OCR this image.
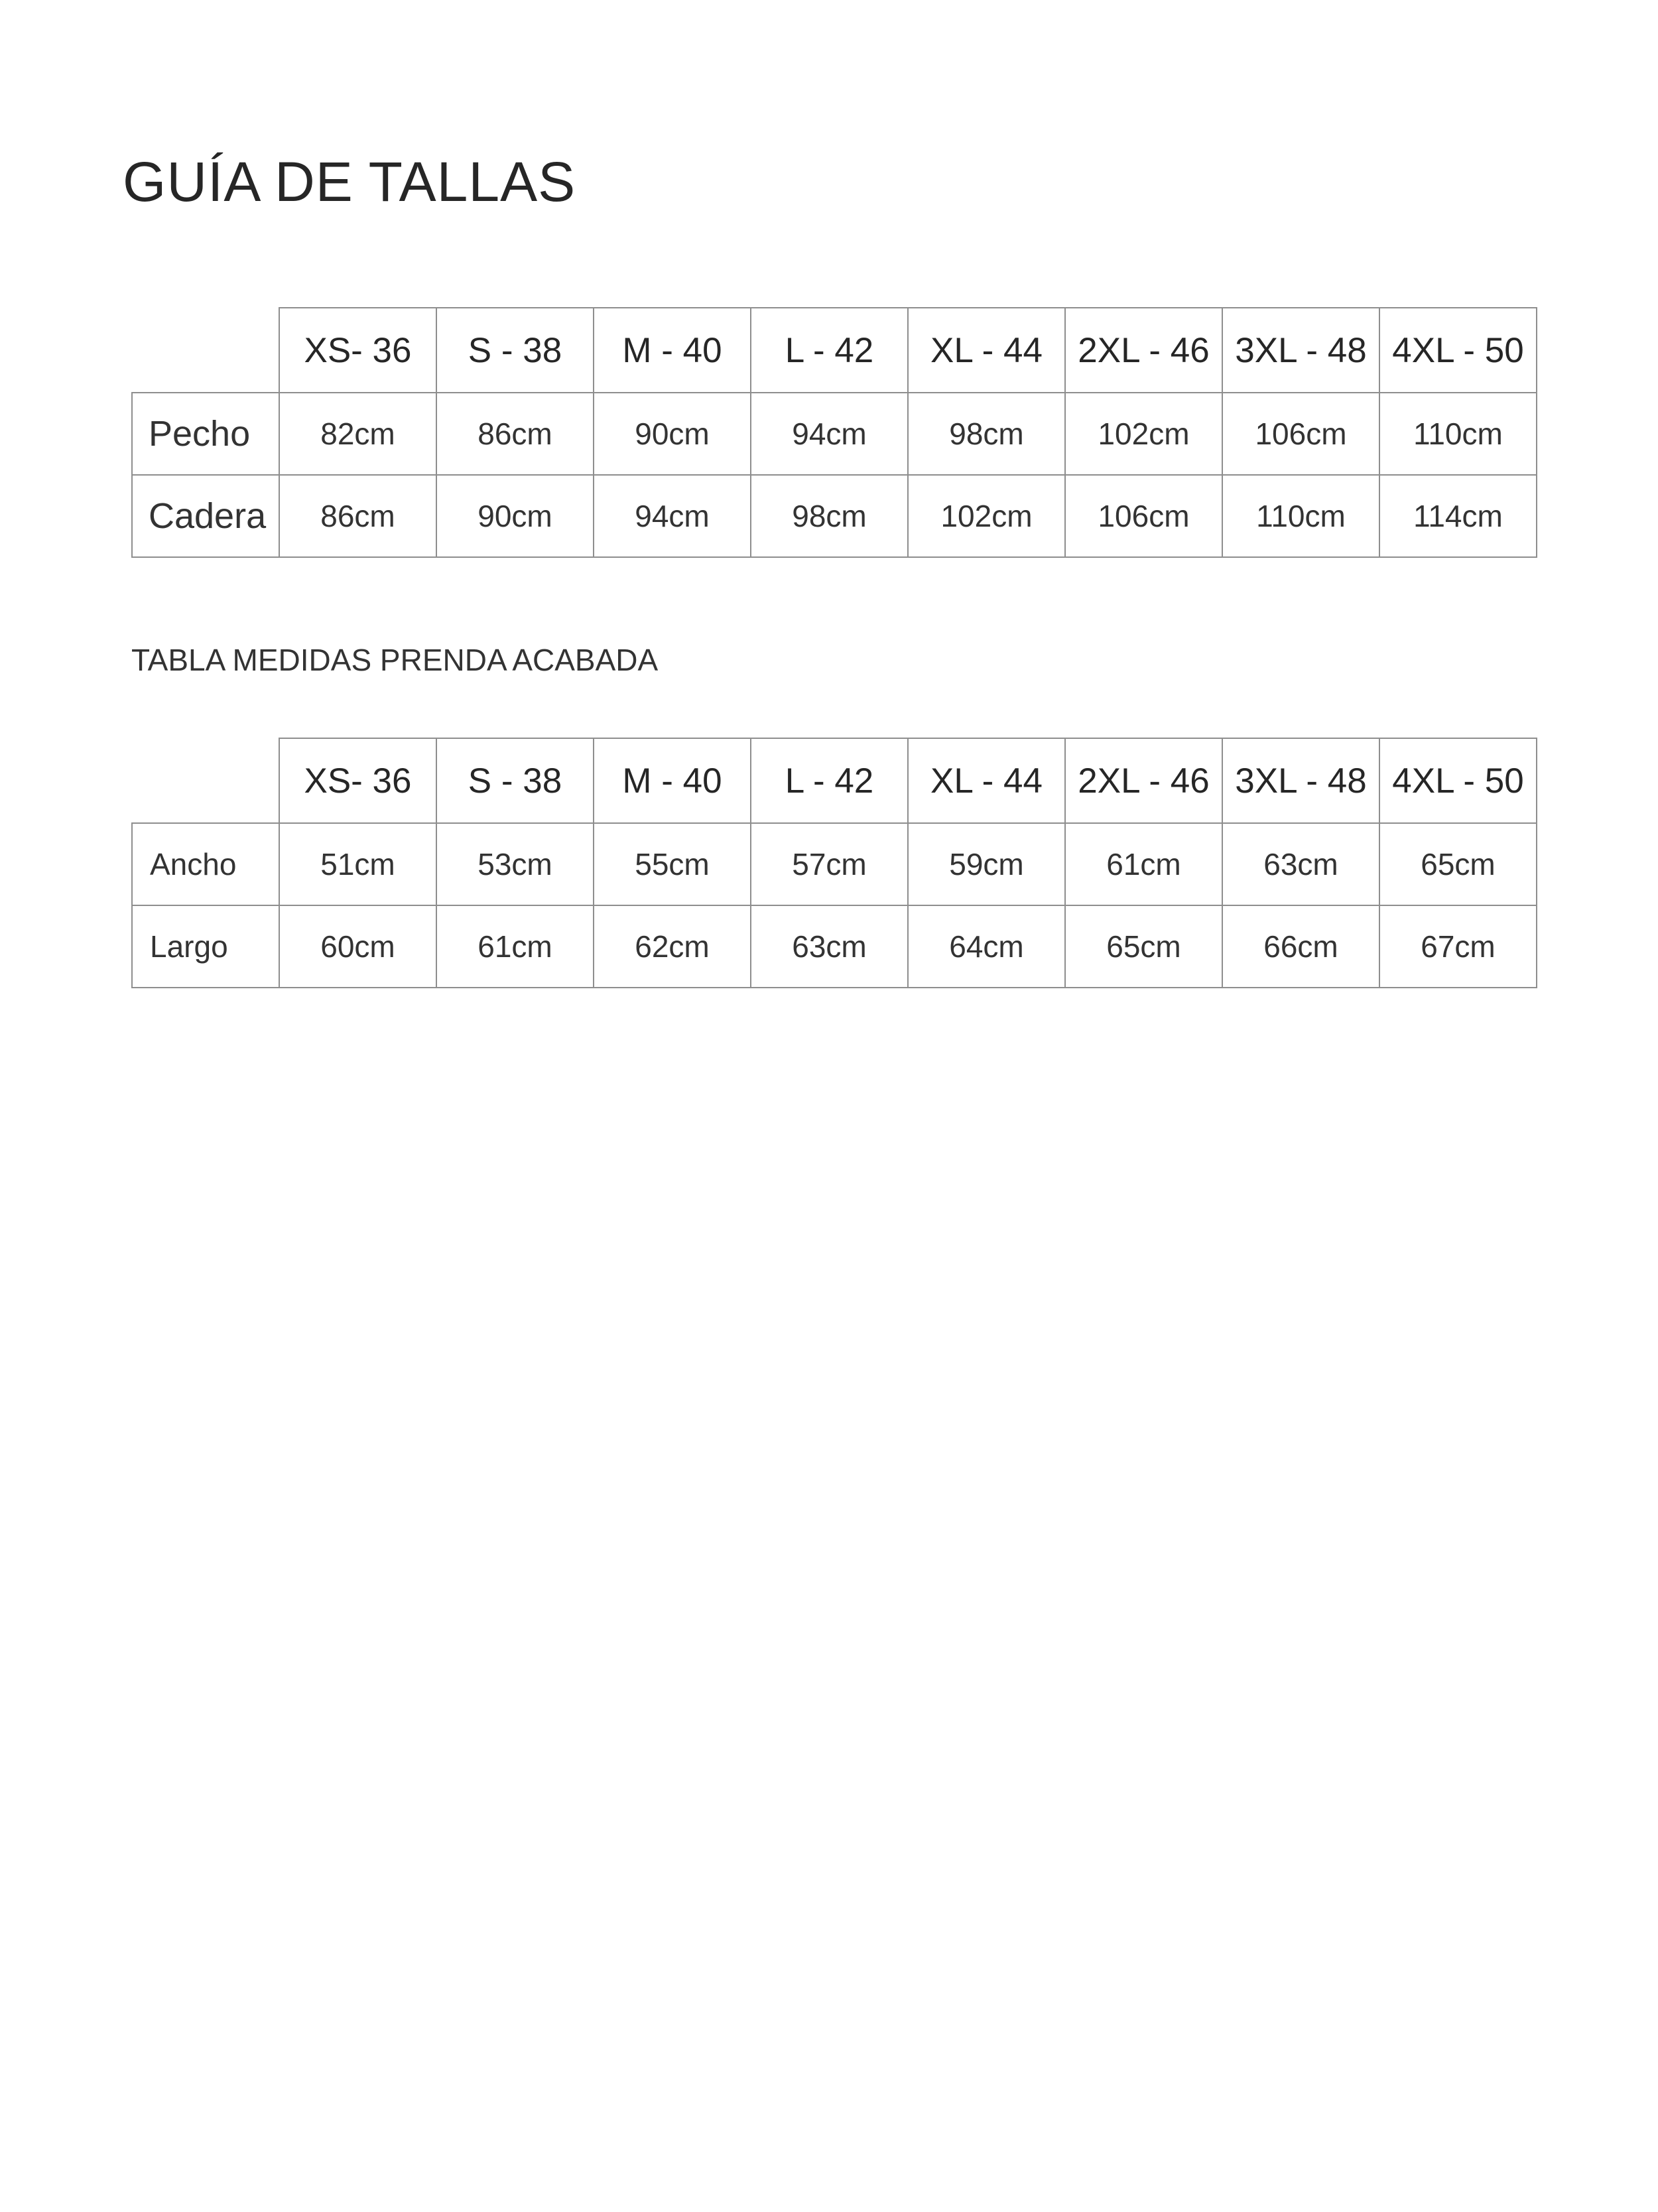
GUÍA DE TALLAS
	XS- 36	S - 38	M - 40	L - 42	XL - 44	2XL - 46	3XL - 48	4XL - 50
Pecho	82cm	86cm	90cm	94cm	98cm	102cm	106cm	110cm
Cadera	86cm	90cm	94cm	98cm	102cm	106cm	110cm	114cm
TABLA MEDIDAS PRENDA ACABADA
	XS- 36	S - 38	M - 40	L - 42	XL - 44	2XL - 46	3XL - 48	4XL - 50
Ancho	51cm	53cm	55cm	57cm	59cm	61cm	63cm	65cm
Largo	60cm	61cm	62cm	63cm	64cm	65cm	66cm	67cm
